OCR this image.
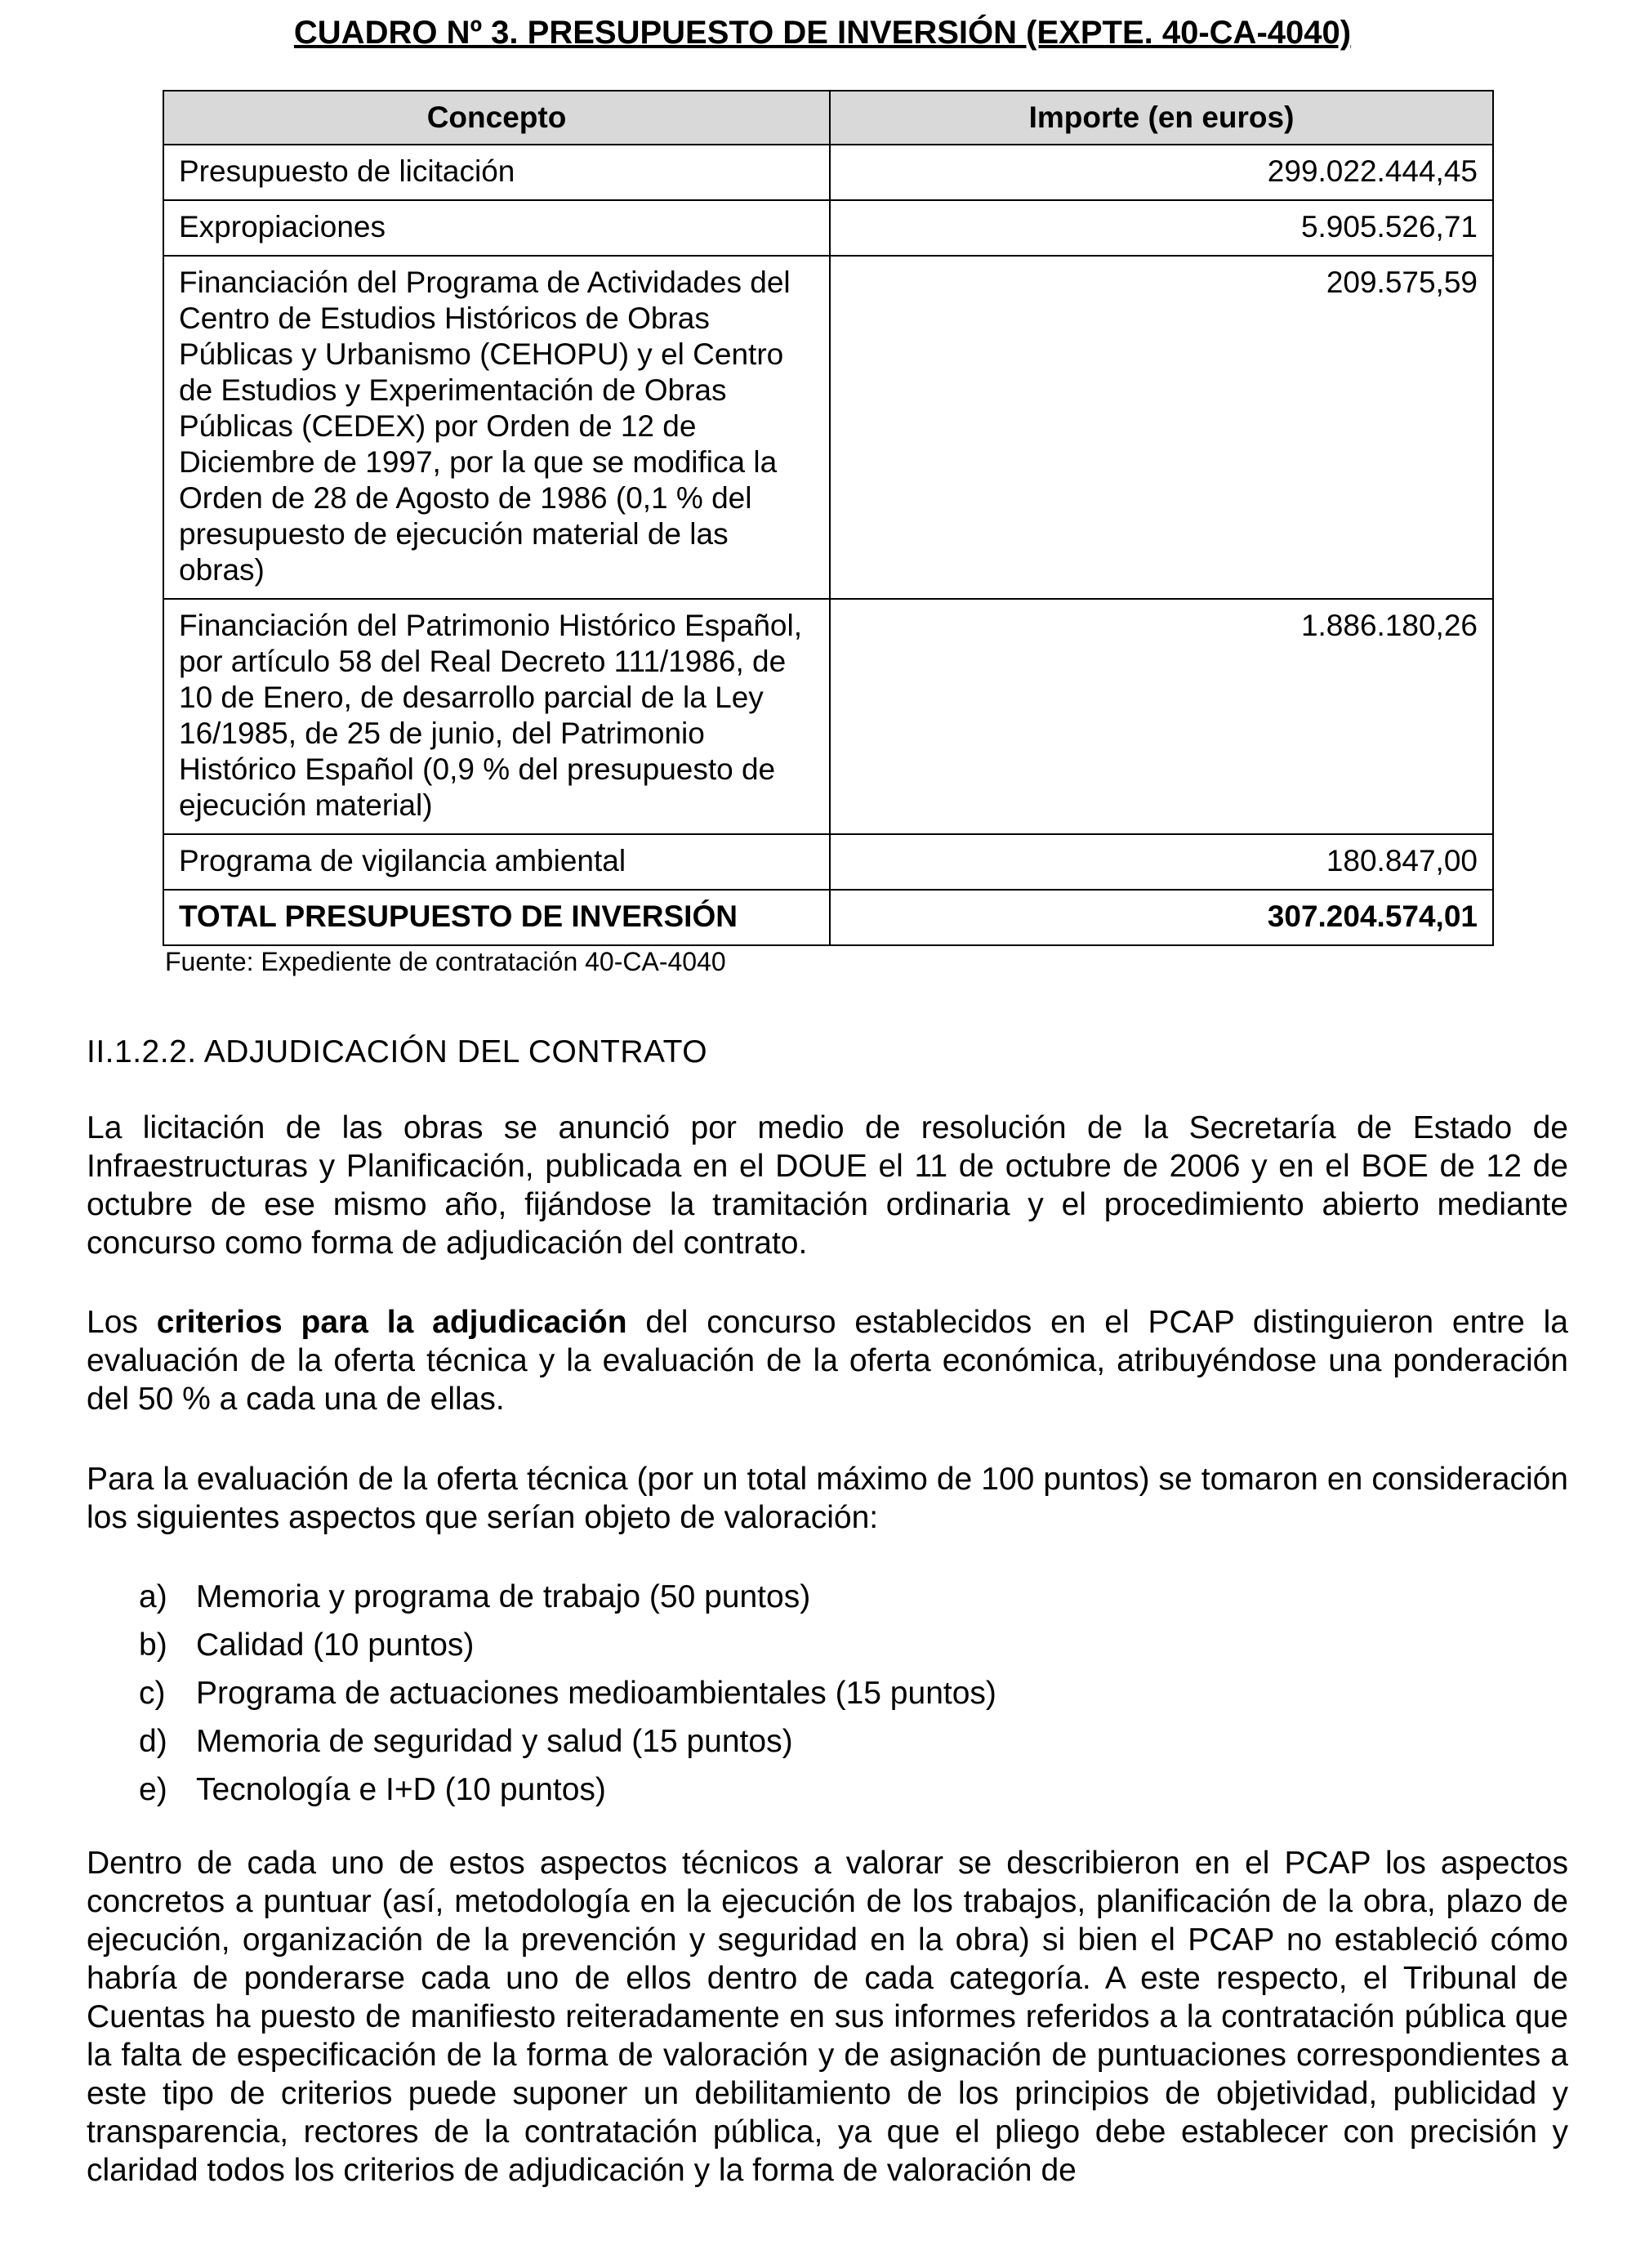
CUADRO Nº 3. PRESUPUESTO DE INVERSIÓN (EXPTE. 40-CA-4040)
Concepto	Importe (en euros)
Presupuesto de licitación	299.022.444,45
Expropiaciones	5.905.526,71
Financiación del Programa de Actividades del Centro de Estudios Históricos de Obras Públicas y Urbanismo (CEHOPU) y el Centro de Estudios y Experimentación de Obras Públicas (CEDEX) por Orden de 12 de Diciembre de 1997, por la que se modifica la Orden de 28 de Agosto de 1986 (0,1 % del presupuesto de ejecución material de las obras)	209.575,59
Financiación del Patrimonio Histórico Español, por artículo 58 del Real Decreto 111/1986, de 10 de Enero, de desarrollo parcial de la Ley 16/1985, de 25 de junio, del Patrimonio Histórico Español (0,9 % del presupuesto de ejecución material)	1.886.180,26
Programa de vigilancia ambiental	180.847,00
TOTAL PRESUPUESTO DE INVERSIÓN	307.204.574,01
Fuente: Expediente de contratación 40-CA-4040
II.1.2.2. ADJUDICACIÓN DEL CONTRATO

La licitación de las obras se anunció por medio de resolución de la Secretaría de Estado de Infraestructuras y Planificación, publicada en el DOUE el 11 de octubre de 2006 y en el BOE de 12 de octubre de ese mismo año, fijándose la tramitación ordinaria y el procedimiento abierto mediante concurso como forma de adjudicación del contrato.

Los criterios para la adjudicación del concurso establecidos en el PCAP distinguieron entre la evaluación de la oferta técnica y la evaluación de la oferta económica, atribuyéndose una ponderación del 50 % a cada una de ellas.

Para la evaluación de la oferta técnica (por un total máximo de 100 puntos) se tomaron en consideración los siguientes aspectos que serían objeto de valoración:

a) Memoria y programa de trabajo (50 puntos)
b) Calidad (10 puntos)
c) Programa de actuaciones medioambientales (15 puntos)
d) Memoria de seguridad y salud (15 puntos)
e) Tecnología e I+D (10 puntos)

Dentro de cada uno de estos aspectos técnicos a valorar se describieron en el PCAP los aspectos concretos a puntuar (así, metodología en la ejecución de los trabajos, planificación de la obra, plazo de ejecución, organización de la prevención y seguridad en la obra) si bien el PCAP no estableció cómo habría de ponderarse cada uno de ellos dentro de cada categoría. A este respecto, el Tribunal de Cuentas ha puesto de manifiesto reiteradamente en sus informes referidos a la contratación pública que la falta de especificación de la forma de valoración y de asignación de puntuaciones correspondientes a este tipo de criterios puede suponer un debilitamiento de los principios de objetividad, publicidad y transparencia, rectores de la contratación pública, ya que el pliego debe establecer con precisión y claridad todos los criterios de adjudicación y la forma de valoración de
